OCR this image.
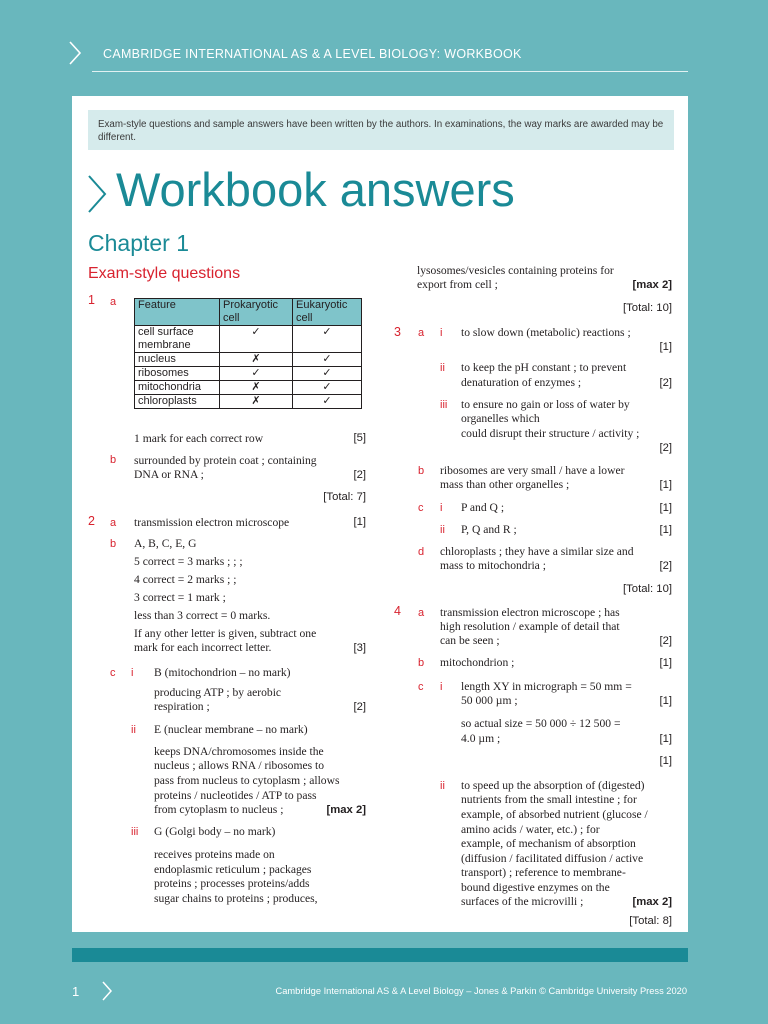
CAMBRIDGE INTERNATIONAL AS & A LEVEL BIOLOGY: WORKBOOK
Exam-style questions and sample answers have been written by the authors. In examinations, the way marks are awarded may be different.
Workbook answers
Chapter 1
Exam-style questions
1 a Feature	Prokaryotic cell	Eukaryotic cell
cell surface membrane	✓	✓
nucleus	✗	✓
ribosomes	✓	✓
mitochondria	✗	✓
chloroplasts	✗	✓
1 mark for each correct row	[5]
b surrounded by protein coat ; containing
DNA or RNA ;	[2]
[Total: 7]
2 a transmission electron microscope	[1]
b A, B, C, E, G
5 correct = 3 marks ; ; ;
4 correct = 2 marks ; ;
3 correct = 1 mark ;
less than 3 correct = 0 marks.
If any other letter is given, subtract one
mark for each incorrect letter.	[3]
c i B (mitochondrion – no mark)
producing ATP ; by aerobic
respiration ;	[2]
ii E (nuclear membrane – no mark)
keeps DNA/chromosomes inside the
nucleus ; allows RNA / ribosomes to
pass from nucleus to cytoplasm ; allows
proteins / nucleotides / ATP to pass
from cytoplasm to nucleus ;	[max 2]
iii G (Golgi body – no mark)
receives proteins made on
endoplasmic reticulum ; packages
proteins ; processes proteins/adds
sugar chains to proteins ; produces,
lysosomes/vesicles containing proteins for
export from cell ;	[max 2]
[Total: 10]
3 a i to slow down (metabolic) reactions ;
[1]
ii to keep the pH constant ; to prevent
denaturation of enzymes ;	[2]
iii to ensure no gain or loss of water by
organelles which
could disrupt their structure / activity ;
[2]
b ribosomes are very small / have a lower
mass than other organelles ;	[1]
c i P and Q ;	[1]
ii P, Q and R ;	[1]
d chloroplasts ; they have a similar size and
mass to mitochondria ;	[2]
[Total: 10]
4 a transmission electron microscope ; has
high resolution / example of detail that
can be seen ;	[2]
b mitochondrion ;	[1]
c i length XY in micrograph = 50 mm =
50 000 µm ;	[1]
so actual size = 50 000 ÷ 12 500 =
4.0 µm ;	[1]
[1]
ii to speed up the absorption of (digested)
nutrients from the small intestine ; for
example, of absorbed nutrient (glucose /
amino acids / water, etc.) ; for
example, of mechanism of absorption
(diffusion / facilitated diffusion / active
transport) ; reference to membrane-
bound digestive enzymes on the
surfaces of the microvilli ;	[max 2]
[Total: 8]
1	Cambridge International AS & A Level Biology – Jones & Parkin © Cambridge University Press 2020
